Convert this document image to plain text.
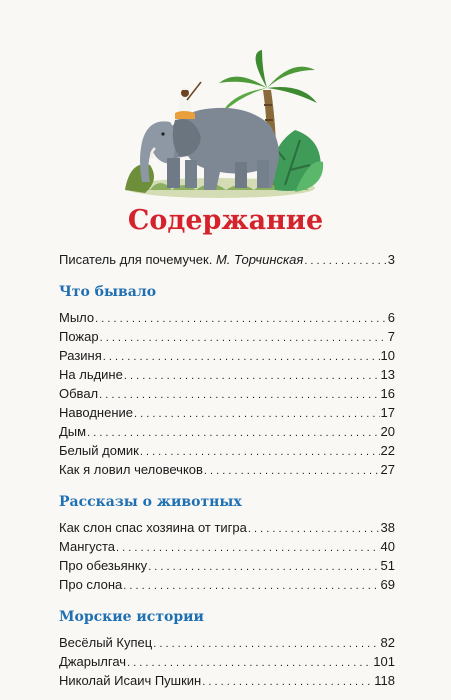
Содержание
Писатель для почемучек. М. Торчинская . . .	3
Что бывало
Мыло . . .	6
Пожар . . .	7
Разиня . . .	10
На льдине . . .	13
Обвал . . .	16
Наводнение . . .	17
Дым . . .	20
Белый домик . . .	22
Как я ловил человечков . . .	27
Рассказы о животных
Как слон спас хозяина от тигра . . .	38
Мангуста . . .	40
Про обезьянку . . .	51
Про слона . . .	69
Морские истории
Весёлый Купец . . .	82
Джарылгач . . .	101
Николай Исаич Пушкин . . .	118
